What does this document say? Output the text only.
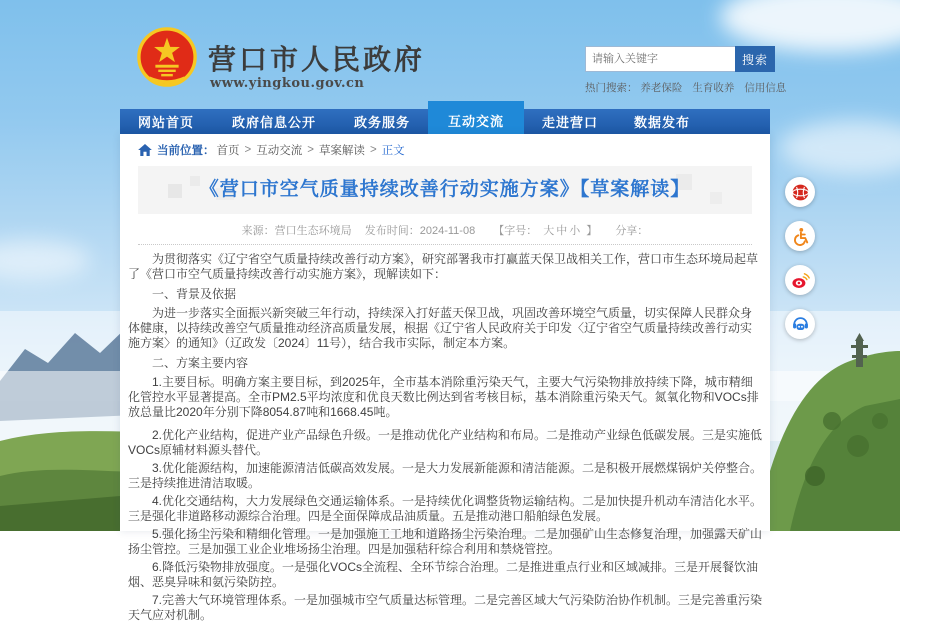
营口市人民政府
www.yingkou.gov.cn
请输入关键字
搜索
热门搜索： 养老保险 生育收养 信用信息
网站首页	政府信息公开	政务服务	互动交流	走进营口	数据发布
当前位置： 首页 > 互动交流 > 草案解读 > 正文
《营口市空气质量持续改善行动实施方案》【草案解读】
来源：营口生态环境局 发布时间：2024-11-08 【字号： 大 中 小 】 分享：

为贯彻落实《辽宁省空气质量持续改善行动方案》，研究部署我市打赢蓝天保卫战相关工作，营口市生态环境局起草了《营口市空气质量持续改善行动实施方案》，现解读如下：

一、背景及依据

为进一步落实全面振兴新突破三年行动，持续深入打好蓝天保卫战，巩固改善环境空气质量，切实保障人民群众身体健康，以持续改善空气质量推动经济高质量发展，根据《辽宁省人民政府关于印发〈辽宁省空气质量持续改善行动实施方案〉的通知》（辽政发〔2024〕11号），结合我市实际，制定本方案。

二、方案主要内容

1.主要目标。明确方案主要目标，到2025年，全市基本消除重污染天气，主要大气污染物排放持续下降，城市精细化管控水平显著提高。全市PM2.5平均浓度和优良天数比例达到省考核目标，基本消除重污染天气。氮氧化物和VOCs排放总量比2020年分别下降8054.87吨和1668.45吨。

2.优化产业结构，促进产业产品绿色升级。一是推动优化产业结构和布局。二是推动产业绿色低碳发展。三是实施低VOCs原辅材料源头替代。

3.优化能源结构，加速能源清洁低碳高效发展。一是大力发展新能源和清洁能源。二是积极开展燃煤锅炉关停整合。三是持续推进清洁取暖。

4.优化交通结构，大力发展绿色交通运输体系。一是持续优化调整货物运输结构。二是加快提升机动车清洁化水平。三是强化非道路移动源综合治理。四是全面保障成品油质量。五是推动港口船舶绿色发展。

5.强化扬尘污染和精细化管理。一是加强施工工地和道路扬尘污染治理。二是加强矿山生态修复治理，加强露天矿山扬尘管控。三是加强工业企业堆场扬尘治理。四是加强秸秆综合利用和禁烧管控。

6.降低污染物排放强度。一是强化VOCs全流程、全环节综合治理。二是推进重点行业和区域减排。三是开展餐饮油烟、恶臭异味和氨污染防控。

7.完善大气环境管理体系。一是加强城市空气质量达标管理。二是完善区域大气污染防治协作机制。三是完善重污染天气应对机制。
